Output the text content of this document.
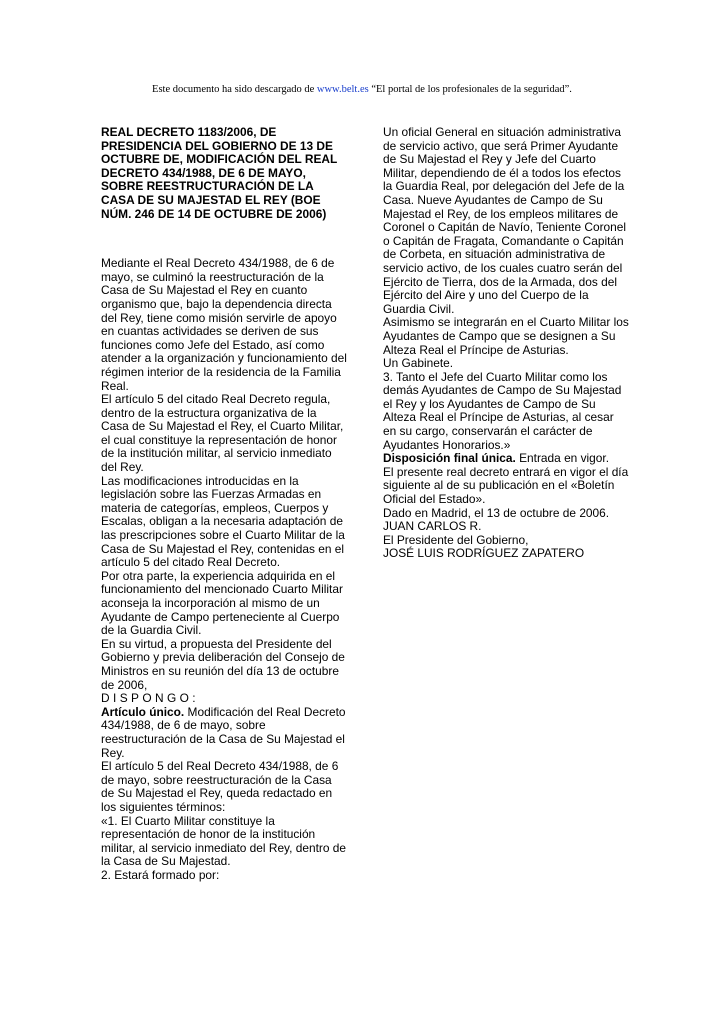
Este documento ha sido descargado de www.belt.es “El portal de los profesionales de la seguridad”.
REAL DECRETO 1183/2006, DE PRESIDENCIA DEL GOBIERNO DE 13 DE OCTUBRE DE, MODIFICACIÓN DEL REAL DECRETO 434/1988, DE 6 DE MAYO, SOBRE REESTRUCTURACIÓN DE LA CASA DE SU MAJESTAD EL REY (BOE NÚM. 246 DE 14 DE OCTUBRE DE 2006)

Mediante el Real Decreto 434/1988, de 6 de mayo, se culminó la reestructuración de la Casa de Su Majestad el Rey en cuanto organismo que, bajo la dependencia directa del Rey, tiene como misión servirle de apoyo en cuantas actividades se deriven de sus funciones como Jefe del Estado, así como atender a la organización y funcionamiento del régimen interior de la residencia de la Familia Real.

El artículo 5 del citado Real Decreto regula, dentro de la estructura organizativa de la Casa de Su Majestad el Rey, el Cuarto Militar, el cual constituye la representación de honor de la institución militar, al servicio inmediato del Rey.

Las modificaciones introducidas en la legislación sobre las Fuerzas Armadas en materia de categorías, empleos, Cuerpos y Escalas, obligan a la necesaria adaptación de las prescripciones sobre el Cuarto Militar de la Casa de Su Majestad el Rey, contenidas en el artículo 5 del citado Real Decreto.

Por otra parte, la experiencia adquirida en el funcionamiento del mencionado Cuarto Militar aconseja la incorporación al mismo de un Ayudante de Campo perteneciente al Cuerpo de la Guardia Civil.

En su virtud, a propuesta del Presidente del Gobierno y previa deliberación del Consejo de Ministros en su reunión del día 13 de octubre de 2006,

DISPONGO:

Artículo único. Modificación del Real Decreto 434/1988, de 6 de mayo, sobre reestructuración de la Casa de Su Majestad el Rey.

El artículo 5 del Real Decreto 434/1988, de 6 de mayo, sobre reestructuración de la Casa de Su Majestad el Rey, queda redactado en los siguientes términos:

«1. El Cuarto Militar constituye la representación de honor de la institución militar, al servicio inmediato del Rey, dentro de la Casa de Su Majestad.

2. Estará formado por:

Un oficial General en situación administrativa de servicio activo, que será Primer Ayudante de Su Majestad el Rey y Jefe del Cuarto Militar, dependiendo de él a todos los efectos la Guardia Real, por delegación del Jefe de la Casa. Nueve Ayudantes de Campo de Su Majestad el Rey, de los empleos militares de Coronel o Capitán de Navío, Teniente Coronel o Capitán de Fragata, Comandante o Capitán de Corbeta, en situación administrativa de servicio activo, de los cuales cuatro serán del Ejército de Tierra, dos de la Armada, dos del Ejército del Aire y uno del Cuerpo de la Guardia Civil.

Asimismo se integrarán en el Cuarto Militar los Ayudantes de Campo que se designen a Su Alteza Real el Príncipe de Asturias.

Un Gabinete.

3. Tanto el Jefe del Cuarto Militar como los demás Ayudantes de Campo de Su Majestad el Rey y los Ayudantes de Campo de Su Alteza Real el Príncipe de Asturias, al cesar en su cargo, conservarán el carácter de Ayudantes Honorarios.»

Disposición final única. Entrada en vigor.

El presente real decreto entrará en vigor el día siguiente al de su publicación en el «Boletín Oficial del Estado».

Dado en Madrid, el 13 de octubre de 2006.

JUAN CARLOS R.

El Presidente del Gobierno,

JOSÉ LUIS RODRÍGUEZ ZAPATERO
